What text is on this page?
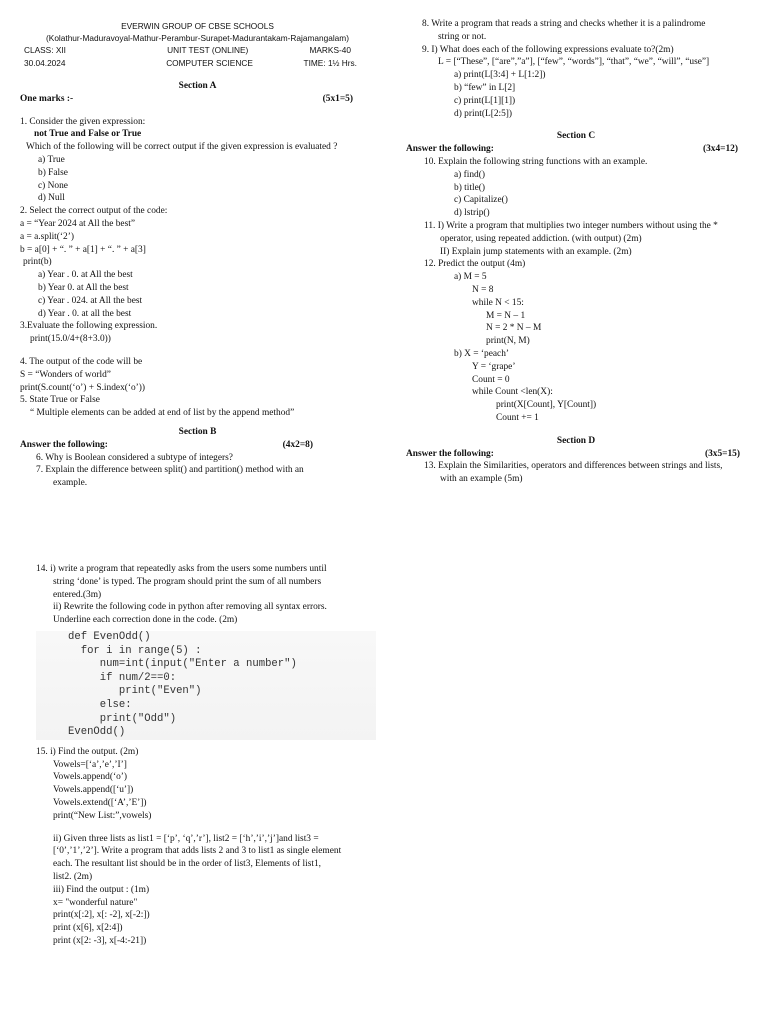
EVERWIN GROUP OF CBSE SCHOOLS
(Kolathur-Maduravoyal-Mathur-Perambur-Surapet-Madurantakam-Rajamangalam)
CLASS: XII	UNIT TEST (ONLINE)	MARKS-40
30.04.2024	COMPUTER SCIENCE	TIME: 1½ Hrs.
Section A
One marks :-	(5x1=5)
1. Consider the given expression:
not True and False or True
Which of the following will be correct output if the given expression is evaluated ?
a) True
b) False
c) None
d) Null
2. Select the correct output of the code:
a = “Year 2024 at All the best”
a = a.split(‘2’)
b = a[0] + “. ” + a[1] + “. ” + a[3]
print(b)
a) Year . 0. at All the best
b) Year 0. at All the best
c) Year . 024. at All the best
d) Year . 0. at all the best
3.Evaluate the following expression.
print(15.0/4+(8+3.0))
4. The output of the code will be
S = “Wonders of world”
print(S.count(‘o’) + S.index(‘o’))
5. State True or False
“ Multiple elements can be added at end of list by the append method”
Section B
Answer the following:	(4x2=8)
6. Why is Boolean considered a subtype of integers?
7. Explain the difference between split() and partition() method with an
example.
8. Write a program that reads a string and checks whether it is a palindrome
string or not.
9. I) What does each of the following expressions evaluate to?(2m)
L = [“These”, [“are”,”a”], [“few”, “words”], “that”, “we”, “will”, “use”]
a) print(L[3:4] + L[1:2])
b) “few” in L[2]
c) print(L[1][1])
d) print(L[2:5])
Section C
Answer the following:	(3x4=12)
10. Explain the following string functions with an example.
a) find()
b) title()
c) Capitalize()
d) lstrip()
11. I) Write a program that multiplies two integer numbers without using the *
operator, using repeated addiction. (with output) (2m)
II) Explain jump statements with an example. (2m)
12. Predict the output (4m)
a) M = 5
N = 8
while N < 15:
M = N – 1
N = 2 * N – M
print(N, M)
b) X = ‘peach’
Y = ‘grape’
Count = 0
while Count <len(X):
print(X[Count], Y[Count])
Count += 1
Section D
Answer the following:	(3x5=15)
13. Explain the Similarities, operators and differences between strings and lists,
with an example (5m)
14. i) write a program that repeatedly asks from the users some numbers until
string ‘done’ is typed. The program should print the sum of all numbers
entered.(3m)
ii) Rewrite the following code in python after removing all syntax errors.
Underline each correction done in the code. (2m)
def EvenOdd()
for i in range(5) :
num=int(input("Enter a number")
if num/2==0:
print("Even")
else:
print("Odd")
EvenOdd()
15. i) Find the output. (2m)
Vowels=[‘a’,’e’,’I’]
Vowels.append(‘o’)
Vowels.append([‘u’])
Vowels.extend([‘A’,’E’])
print(“New List:”,vowels)
ii) Given three lists as list1 = [‘p’, ‘q’,’r’], list2 = [‘h’,’i’,’j’]and list3 =
[‘0’,’1’,’2’]. Write a program that adds lists 2 and 3 to list1 as single element
each. The resultant list should be in the order of list3, Elements of list1,
list2. (2m)
iii) Find the output : (1m)
x= "wonderful nature"
print(x[:2], x[: -2], x[-2:])
print (x[6], x[2:4])
print (x[2: -3], x[-4:-21])
